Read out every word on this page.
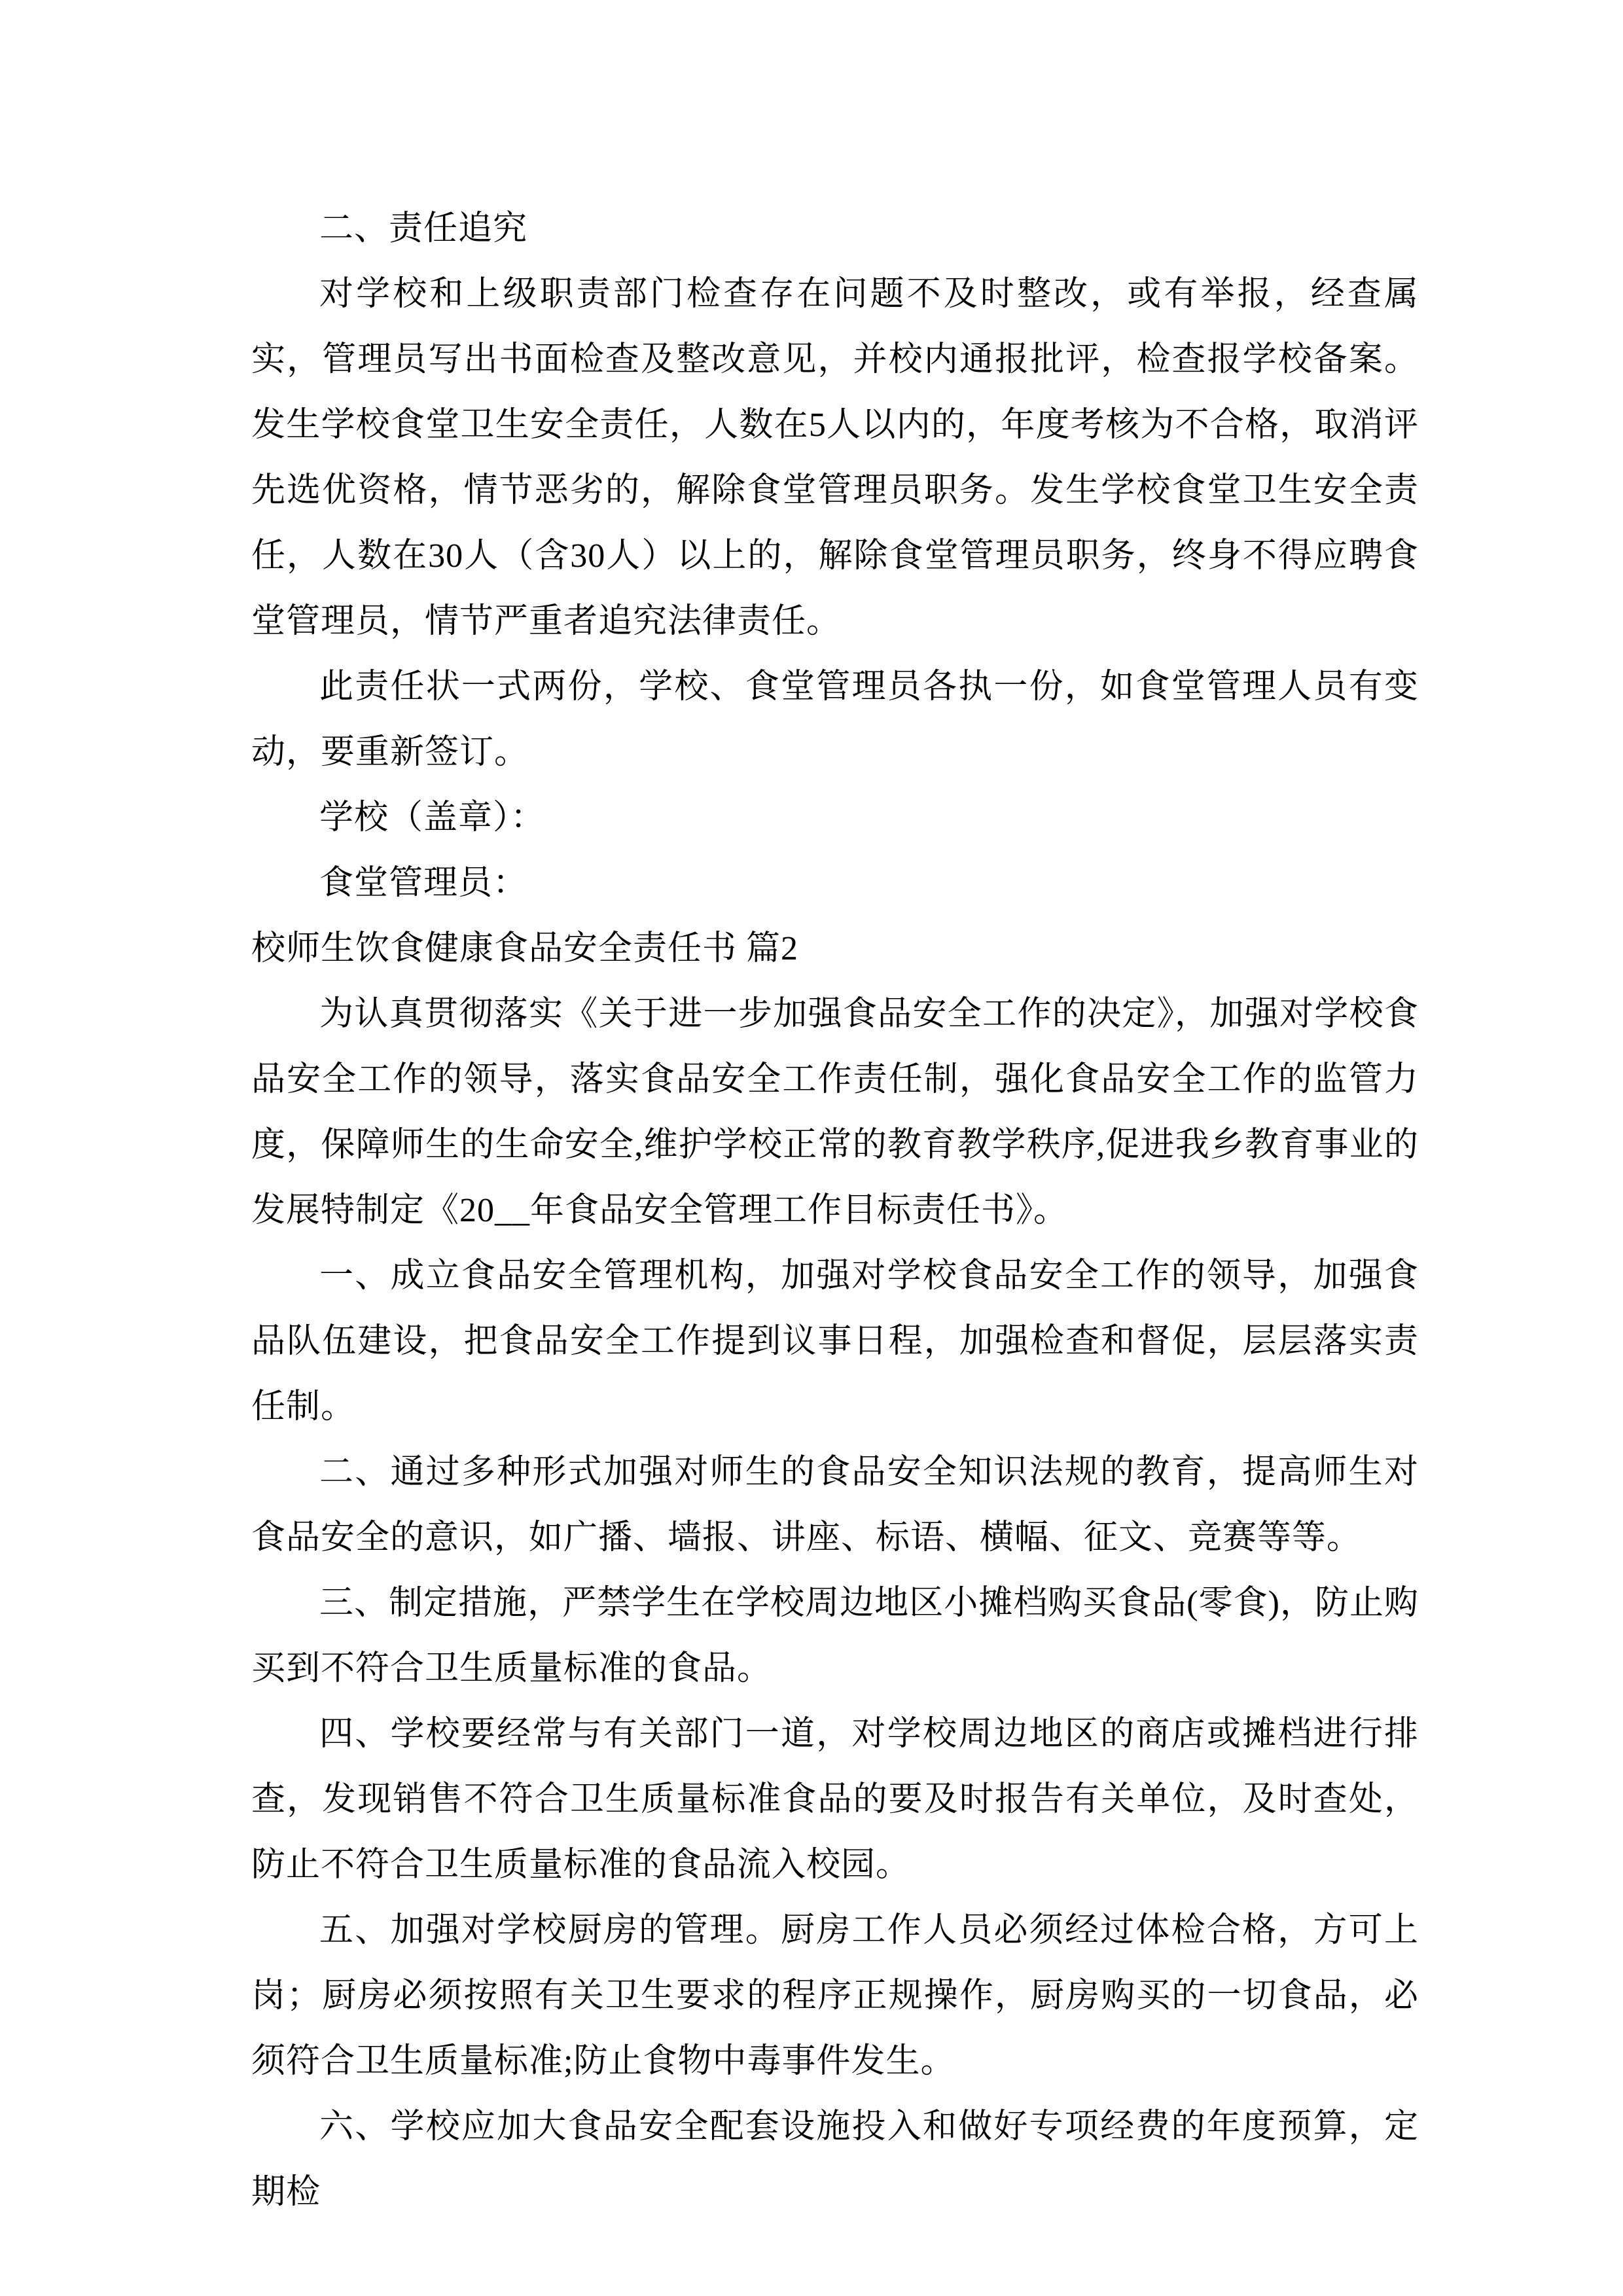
二、责任追究

对学校和上级职责部门检查存在问题不及时整改，或有举报，经查属实，管理员写出书面检查及整改意见，并校内通报批评，检查报学校备案。发生学校食堂卫生安全责任，人数在5人以内的，年度考核为不合格，取消评先选优资格，情节恶劣的，解除食堂管理员职务。发生学校食堂卫生安全责任，人数在30人（含30人）以上的，解除食堂管理员职务，终身不得应聘食堂管理员，情节严重者追究法律责任。

此责任状一式两份，学校、食堂管理员各执一份，如食堂管理人员有变动，要重新签订。

学校（盖章）：

食堂管理员：

校师生饮食健康食品安全责任书 篇2

为认真贯彻落实《关于进一步加强食品安全工作的决定》，加强对学校食品安全工作的领导，落实食品安全工作责任制，强化食品安全工作的监管力度，保障师生的生命安全,维护学校正常的教育教学秩序,促进我乡教育事业的发展特制定《20__年食品安全管理工作目标责任书》。

一、成立食品安全管理机构，加强对学校食品安全工作的领导，加强食品队伍建设，把食品安全工作提到议事日程，加强检查和督促，层层落实责任制。

二、通过多种形式加强对师生的食品安全知识法规的教育，提高师生对食品安全的意识，如广播、墙报、讲座、标语、横幅、征文、竞赛等等。

三、制定措施，严禁学生在学校周边地区小摊档购买食品(零食)，防止购买到不符合卫生质量标准的食品。

四、学校要经常与有关部门一道，对学校周边地区的商店或摊档进行排查，发现销售不符合卫生质量标准食品的要及时报告有关单位，及时查处，防止不符合卫生质量标准的食品流入校园。

五、加强对学校厨房的管理。厨房工作人员必须经过体检合格，方可上岗；厨房必须按照有关卫生要求的程序正规操作，厨房购买的一切食品，必须符合卫生质量标准;防止食物中毒事件发生。

六、学校应加大食品安全配套设施投入和做好专项经费的年度预算，定期检
